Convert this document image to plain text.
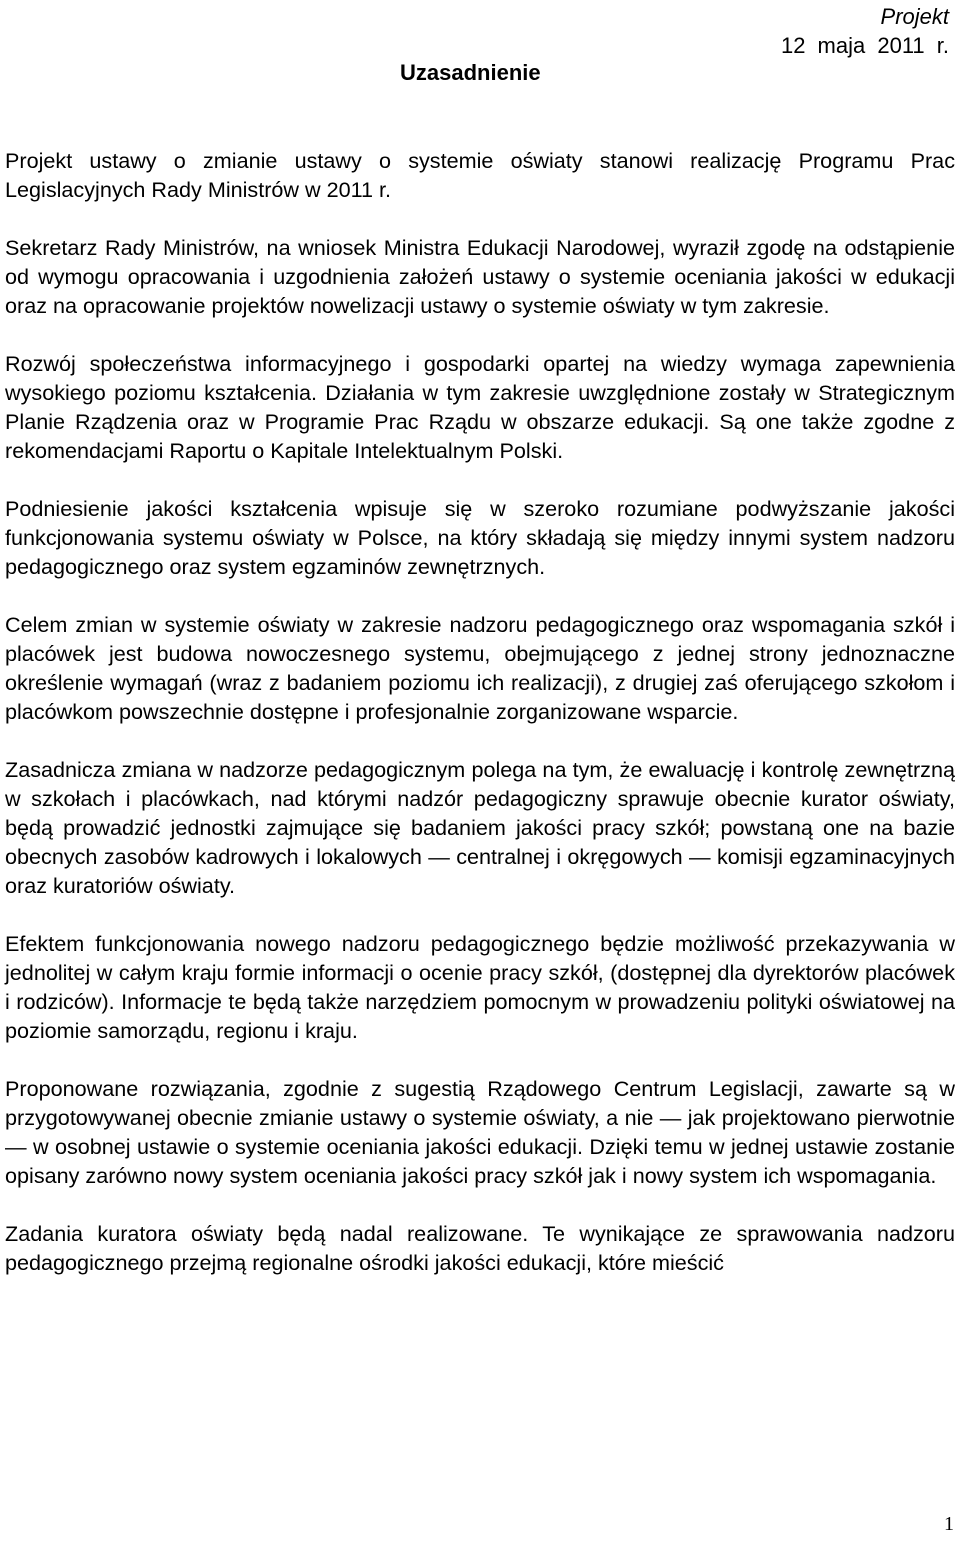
Projekt
12 maja 2011 r.
Uzasadnienie

Projekt ustawy o zmianie ustawy o systemie oświaty stanowi realizację Programu Prac Legislacyjnych Rady Ministrów w 2011 r.

Sekretarz Rady Ministrów, na wniosek Ministra Edukacji Narodowej, wyraził zgodę na odstąpienie od wymogu opracowania i uzgodnienia założeń ustawy o systemie oceniania jakości w edukacji oraz na opracowanie projektów nowelizacji ustawy o systemie oświaty w tym zakresie.

Rozwój społeczeństwa informacyjnego i gospodarki opartej na wiedzy wymaga zapewnienia wysokiego poziomu kształcenia. Działania w tym zakresie uwzględnione zostały w Strategicznym Planie Rządzenia oraz w Programie Prac Rządu w obszarze edukacji. Są one także zgodne z rekomendacjami Raportu o Kapitale Intelektualnym Polski.

Podniesienie jakości kształcenia wpisuje się w szeroko rozumiane podwyższanie jakości funkcjonowania systemu oświaty w Polsce, na który składają się między innymi system nadzoru pedagogicznego oraz system egzaminów zewnętrznych.

Celem zmian w systemie oświaty w zakresie nadzoru pedagogicznego oraz wspomagania szkół i placówek jest budowa nowoczesnego systemu, obejmującego z jednej strony jednoznaczne określenie wymagań (wraz z badaniem poziomu ich realizacji), z drugiej zaś oferującego szkołom i placówkom powszechnie dostępne i profesjonalnie zorganizowane wsparcie.

Zasadnicza zmiana w nadzorze pedagogicznym polega na tym, że ewaluację i kontrolę zewnętrzną w szkołach i placówkach, nad którymi nadzór pedagogiczny sprawuje obecnie kurator oświaty, będą prowadzić jednostki zajmujące się badaniem jakości pracy szkół; powstaną one na bazie obecnych zasobów kadrowych i lokalowych — centralnej i okręgowych — komisji egzaminacyjnych oraz kuratoriów oświaty.

Efektem funkcjonowania nowego nadzoru pedagogicznego będzie możliwość przekazywania w jednolitej w całym kraju formie informacji o ocenie pracy szkół, (dostępnej dla dyrektorów placówek i rodziców). Informacje te będą także narzędziem pomocnym w prowadzeniu polityki oświatowej na poziomie samorządu, regionu i kraju.

Proponowane rozwiązania, zgodnie z sugestią Rządowego Centrum Legislacji, zawarte są w przygotowywanej obecnie zmianie ustawy o systemie oświaty, a nie — jak projektowano pierwotnie — w osobnej ustawie o systemie oceniania jakości edukacji. Dzięki temu w jednej ustawie zostanie opisany zarówno nowy system oceniania jakości pracy szkół jak i nowy system ich wspomagania.

Zadania kuratora oświaty będą nadal realizowane. Te wynikające ze sprawowania nadzoru pedagogicznego przejmą regionalne ośrodki jakości edukacji, które mieścić

1
